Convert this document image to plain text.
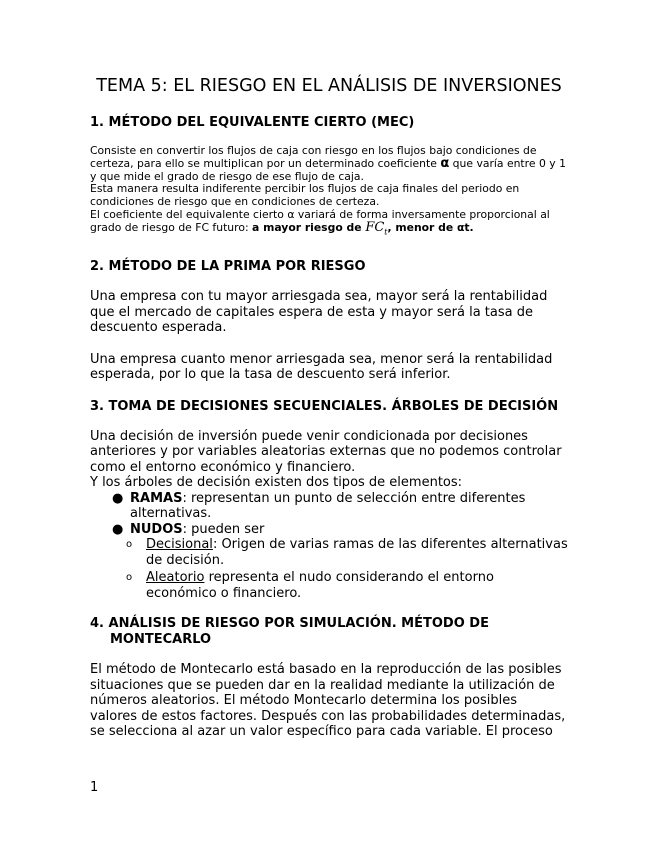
TEMA 5: EL RIESGO EN EL ANÁLISIS DE INVERSIONES
1. MÉTODO DEL EQUIVALENTE CIERTO (MEC)

Consiste en convertir los flujos de caja con riesgo en los flujos bajo condiciones de certeza, para ello se multiplican por un determinado coeficiente α que varía entre 0 y 1 y que mide el grado de riesgo de ese flujo de caja.

Esta manera resulta indiferente percibir los flujos de caja finales del periodo en condiciones de riesgo que en condiciones de certeza.

El coeficiente del equivalente cierto α variará de forma inversamente proporcional al grado de riesgo de FC futuro: a mayor riesgo de $FC_t$, menor de αt.

2. MÉTODO DE LA PRIMA POR RIESGO

Una empresa con tu mayor arriesgada sea, mayor será la rentabilidad que el mercado de capitales espera de esta y mayor será la tasa de descuento esperada.

Una empresa cuanto menor arriesgada sea, menor será la rentabilidad esperada, por lo que la tasa de descuento será inferior.

3. TOMA DE DECISIONES SECUENCIALES. ÁRBOLES DE DECISIÓN

Una decisión de inversión puede venir condicionada por decisiones anteriores y por variables aleatorias externas que no podemos controlar como el entorno económico y financiero.

Y los árboles de decisión existen dos tipos de elementos:

● RAMAS: representan un punto de selección entre diferentes alternativas.
● NUDOS: pueden ser
o Decisional: Origen de varias ramas de las diferentes alternativas de decisión.
o Aleatorio representa el nudo considerando el entorno económico o financiero.
4. ANÁLISIS DE RIESGO POR SIMULACIÓN. MÉTODO DE MONTECARLO

El método de Montecarlo está basado en la reproducción de las posibles situaciones que se pueden dar en la realidad mediante la utilización de números aleatorios. El método Montecarlo determina los posibles valores de estos factores. Después con las probabilidades determinadas, se selecciona al azar un valor específico para cada variable. El proceso

1
